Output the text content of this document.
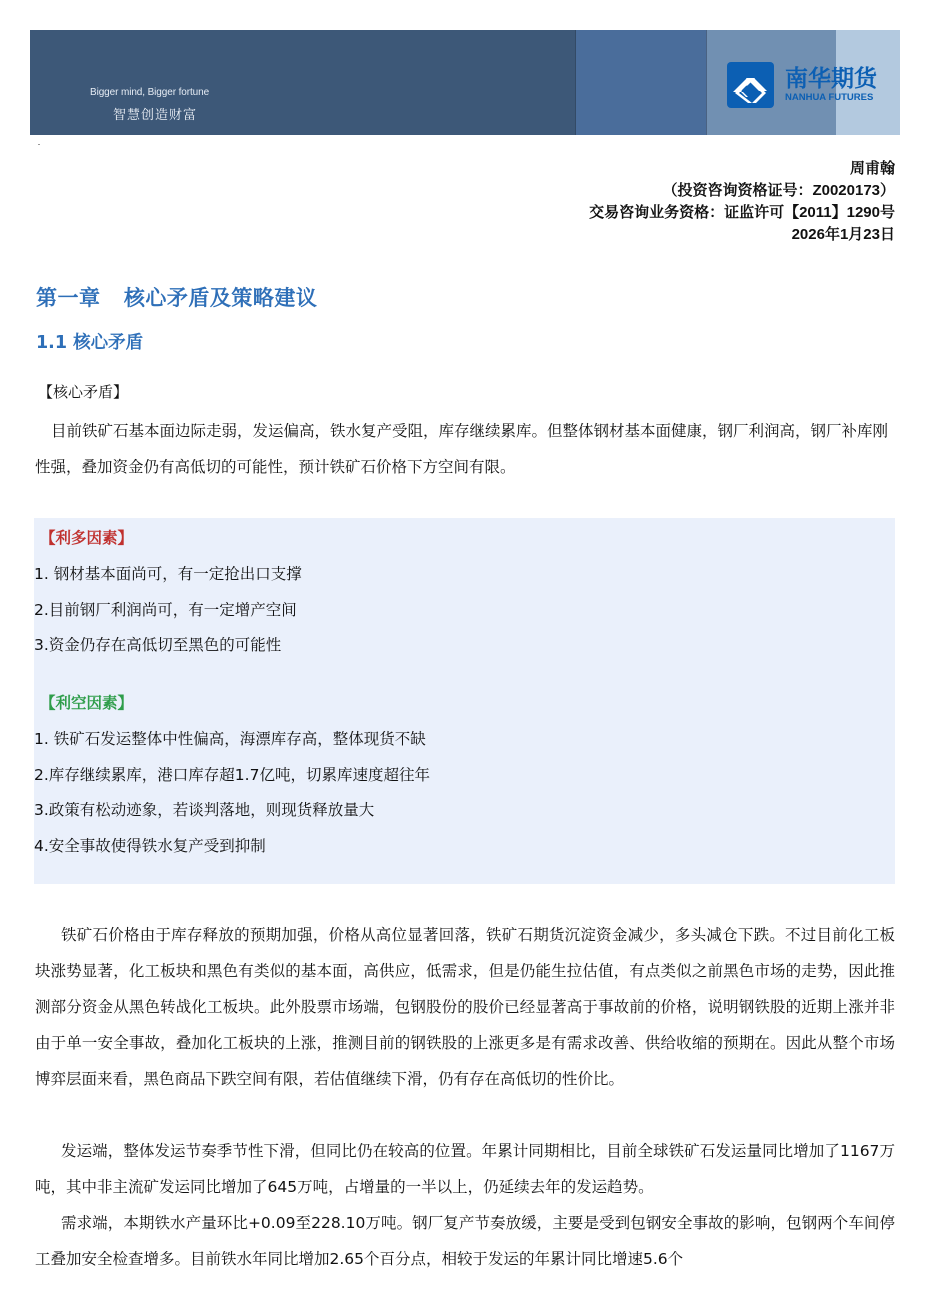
Bigger mind, Bigger fortune
智慧创造财富
南华期货
NANHUA FUTURES
周甫翰
（投资咨询资格证号：Z0020173）
交易咨询业务资格：证监许可【2011】1290号
2026年1月23日
第一章   核心矛盾及策略建议
1.1 核心矛盾
【核心矛盾】
目前铁矿石基本面边际走弱，发运偏高，铁水复产受阻，库存继续累库。但整体钢材基本面健康，钢厂利润高，钢厂补库刚性强，叠加资金仍有高低切的可能性，预计铁矿石价格下方空间有限。
【利多因素】
1. 钢材基本面尚可，有一定抢出口支撑
2.目前钢厂利润尚可，有一定增产空间
3.资金仍存在高低切至黑色的可能性
【利空因素】
1. 铁矿石发运整体中性偏高，海漂库存高，整体现货不缺
2.库存继续累库，港口库存超1.7亿吨，切累库速度超往年
3.政策有松动迹象，若谈判落地，则现货释放量大
4.安全事故使得铁水复产受到抑制
铁矿石价格由于库存释放的预期加强，价格从高位显著回落，铁矿石期货沉淀资金减少，多头减仓下跌。不过目前化工板块涨势显著，化工板块和黑色有类似的基本面，高供应，低需求，但是仍能生拉估值，有点类似之前黑色市场的走势，因此推测部分资金从黑色转战化工板块。此外股票市场端，包钢股份的股价已经显著高于事故前的价格，说明钢铁股的近期上涨并非由于单一安全事故，叠加化工板块的上涨，推测目前的钢铁股的上涨更多是有需求改善、供给收缩的预期在。因此从整个市场博弈层面来看，黑色商品下跌空间有限，若估值继续下滑，仍有存在高低切的性价比。
发运端，整体发运节奏季节性下滑，但同比仍在较高的位置。年累计同期相比，目前全球铁矿石发运量同比增加了1167万吨，其中非主流矿发运同比增加了645万吨，占增量的一半以上，仍延续去年的发运趋势。
需求端，本期铁水产量环比+0.09至228.10万吨。钢厂复产节奏放缓，主要是受到包钢安全事故的影响，包钢两个车间停工叠加安全检查增多。目前铁水年同比增加2.65个百分点，相较于发运的年累计同比增速5.6个
